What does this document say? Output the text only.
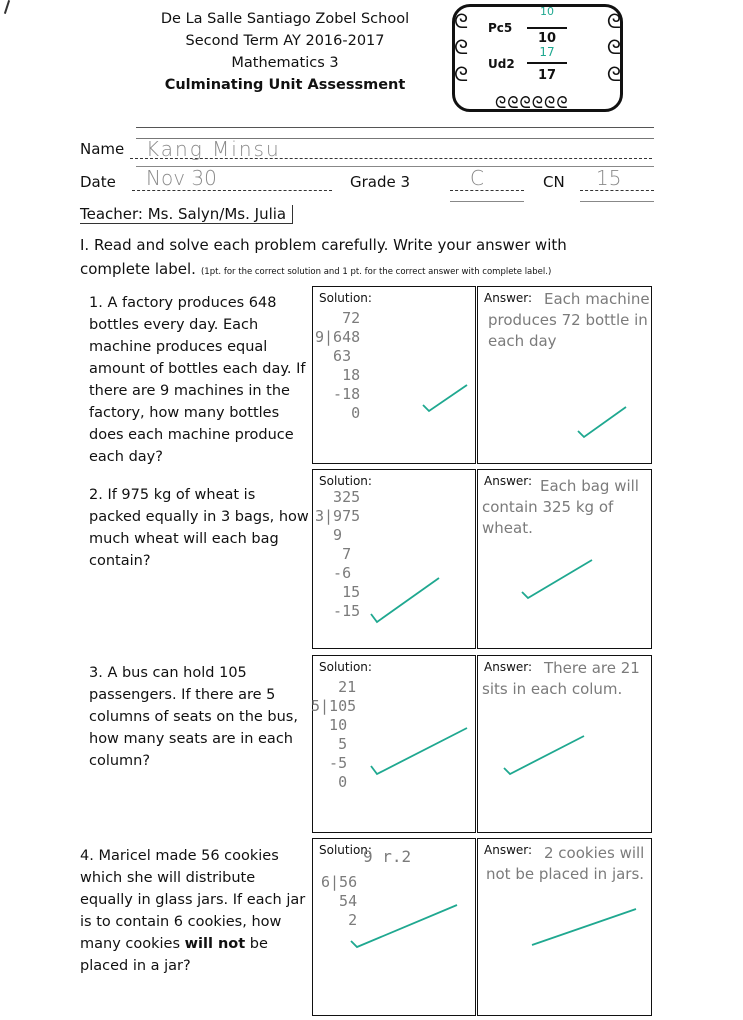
De La Salle Santiago Zobel School
Second Term AY 2016-2017
Mathematics 3
Culminating Unit Assessment
ᘓ	ᘓ
ᘓ	ᘓ
ᘓ	ᘓ
ᘓᘓᘓᘓᘓᘓ
Pc5
10
10
Ud2
17
17
Name Kang Minsu
Date Nov 30	Grade 3	C	CN 15
Teacher: Ms. Salyn/Ms. Julia
I. Read and solve each problem carefully. Write your answer with
complete label. (1pt. for the correct solution and 1 pt. for the correct answer with complete label.)
1. A factory produces 648 bottles every day. Each machine produces equal amount of bottles each day. If there are 9 machines in the factory, how many bottles does each machine produce each day?
Solution:
72
9|648
63
18
-18
0
Answer: Each machine produces 72 bottle in each day
2. If 975 kg of wheat is packed equally in 3 bags, how much wheat will each bag contain?
Solution:
325
3|975
9
7
-6
15
-15
Answer: Each bag will contain 325 kg of wheat.
3. A bus can hold 105 passengers. If there are 5 columns of seats on the bus, how many seats are in each column?
Solution:
21
5|105
10
5
-5
0
Answer: There are 21 sits in each colum.
4. Maricel made 56 cookies which she will distribute equally in glass jars. If each jar is to contain 6 cookies, how many cookies will not be placed in a jar?
Solution:
9 r.2
6|56
54
2
Answer: 2 cookies will not be placed in jars.
